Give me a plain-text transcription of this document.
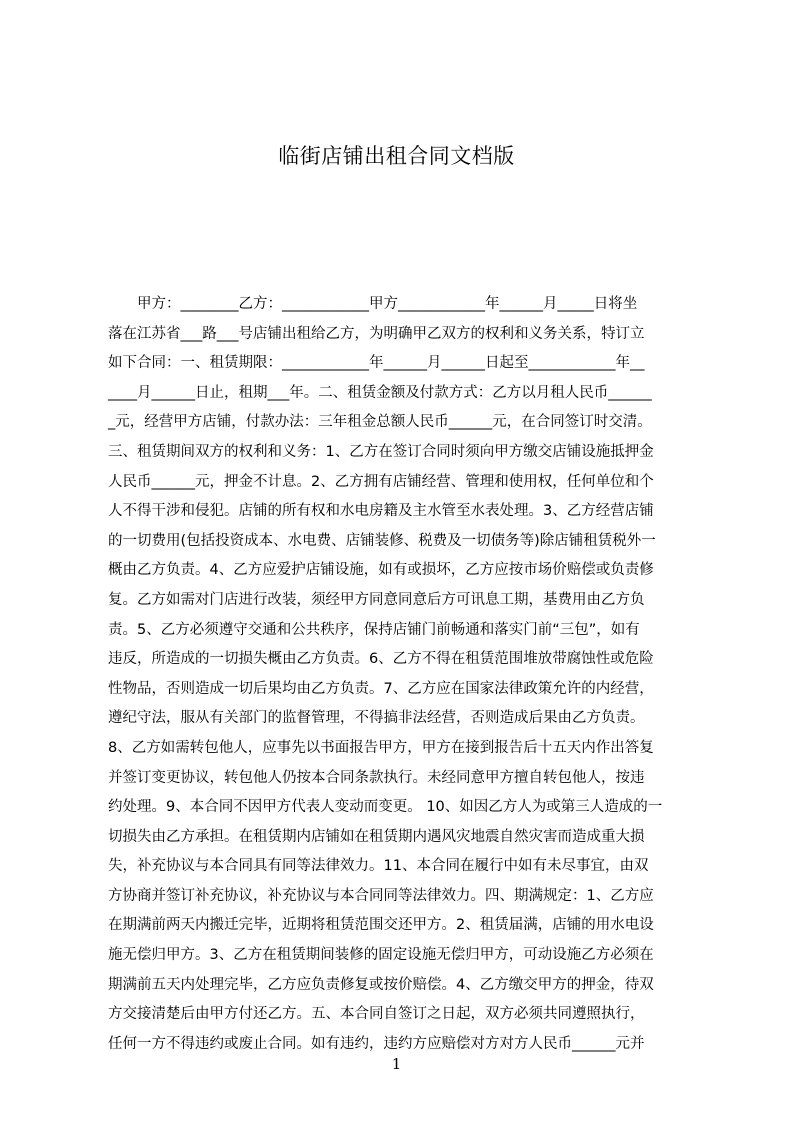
临街店铺出租合同文档版
　　甲方：________乙方：____________甲方____________年______月_____日将坐
落在江苏省___路___号店铺出租给乙方，为明确甲乙双方的权利和义务关系，特订立
如下合同：一、租赁期限：____________年______月______日起至____________年__
____月______日止，租期___年。二、租赁金额及付款方式：乙方以月租人民币______
_元，经营甲方店铺，付款办法：三年租金总额人民币______元，在合同签订时交清。
三、租赁期间双方的权利和义务：1、乙方在签订合同时须向甲方缴交店铺设施抵押金
人民币______元，押金不计息。2、乙方拥有店铺经营、管理和使用权，任何单位和个
人不得干涉和侵犯。店铺的所有权和水电房籍及主水管至水表处理。3、乙方经营店铺
的一切费用(包括投资成本、水电费、店铺装修、税费及一切债务等)除店铺租赁税外一
概由乙方负责。4、乙方应爱护店铺设施，如有或损坏，乙方应按市场价赔偿或负责修
复。乙方如需对门店进行改装，须经甲方同意同意后方可讯息工期，基费用由乙方负
责。5、乙方必须遵守交通和公共秩序，保持店铺门前畅通和落实门前“三包”，如有
违反，所造成的一切损失概由乙方负责。6、乙方不得在租赁范围堆放带腐蚀性或危险
性物品，否则造成一切后果均由乙方负责。7、乙方应在国家法律政策允许的内经营，
遵纪守法，服从有关部门的监督管理，不得搞非法经营，否则造成后果由乙方负责。
8、乙方如需转包他人，应事先以书面报告甲方，甲方在接到报告后十五天内作出答复
并签订变更协议，转包他人仍按本合同条款执行。未经同意甲方擅自转包他人，按违
约处理。9、本合同不因甲方代表人变动而变更。 10、如因乙方人为或第三人造成的一
切损失由乙方承担。在租赁期内店铺如在租赁期内遇风灾地震自然灾害而造成重大损
失，补充协议与本合同具有同等法律效力。11、本合同在履行中如有未尽事宜，由双
方协商并签订补充协议，补充协议与本合同同等法律效力。四、期满规定：1、乙方应
在期满前两天内搬迁完毕，近期将租赁范围交还甲方。2、租赁届满，店铺的用水电设
施无偿归甲方。3、乙方在租赁期间装修的固定设施无偿归甲方，可动设施乙方必须在
期满前五天内处理完毕，乙方应负责修复或按价赔偿。4、乙方缴交甲方的押金，待双
方交接清楚后由甲方付还乙方。五、本合同自签订之日起，双方必须共同遵照执行，
任何一方不得违约或废止合同。如有违约，违约方应赔偿对方对方人民币______元并
1
